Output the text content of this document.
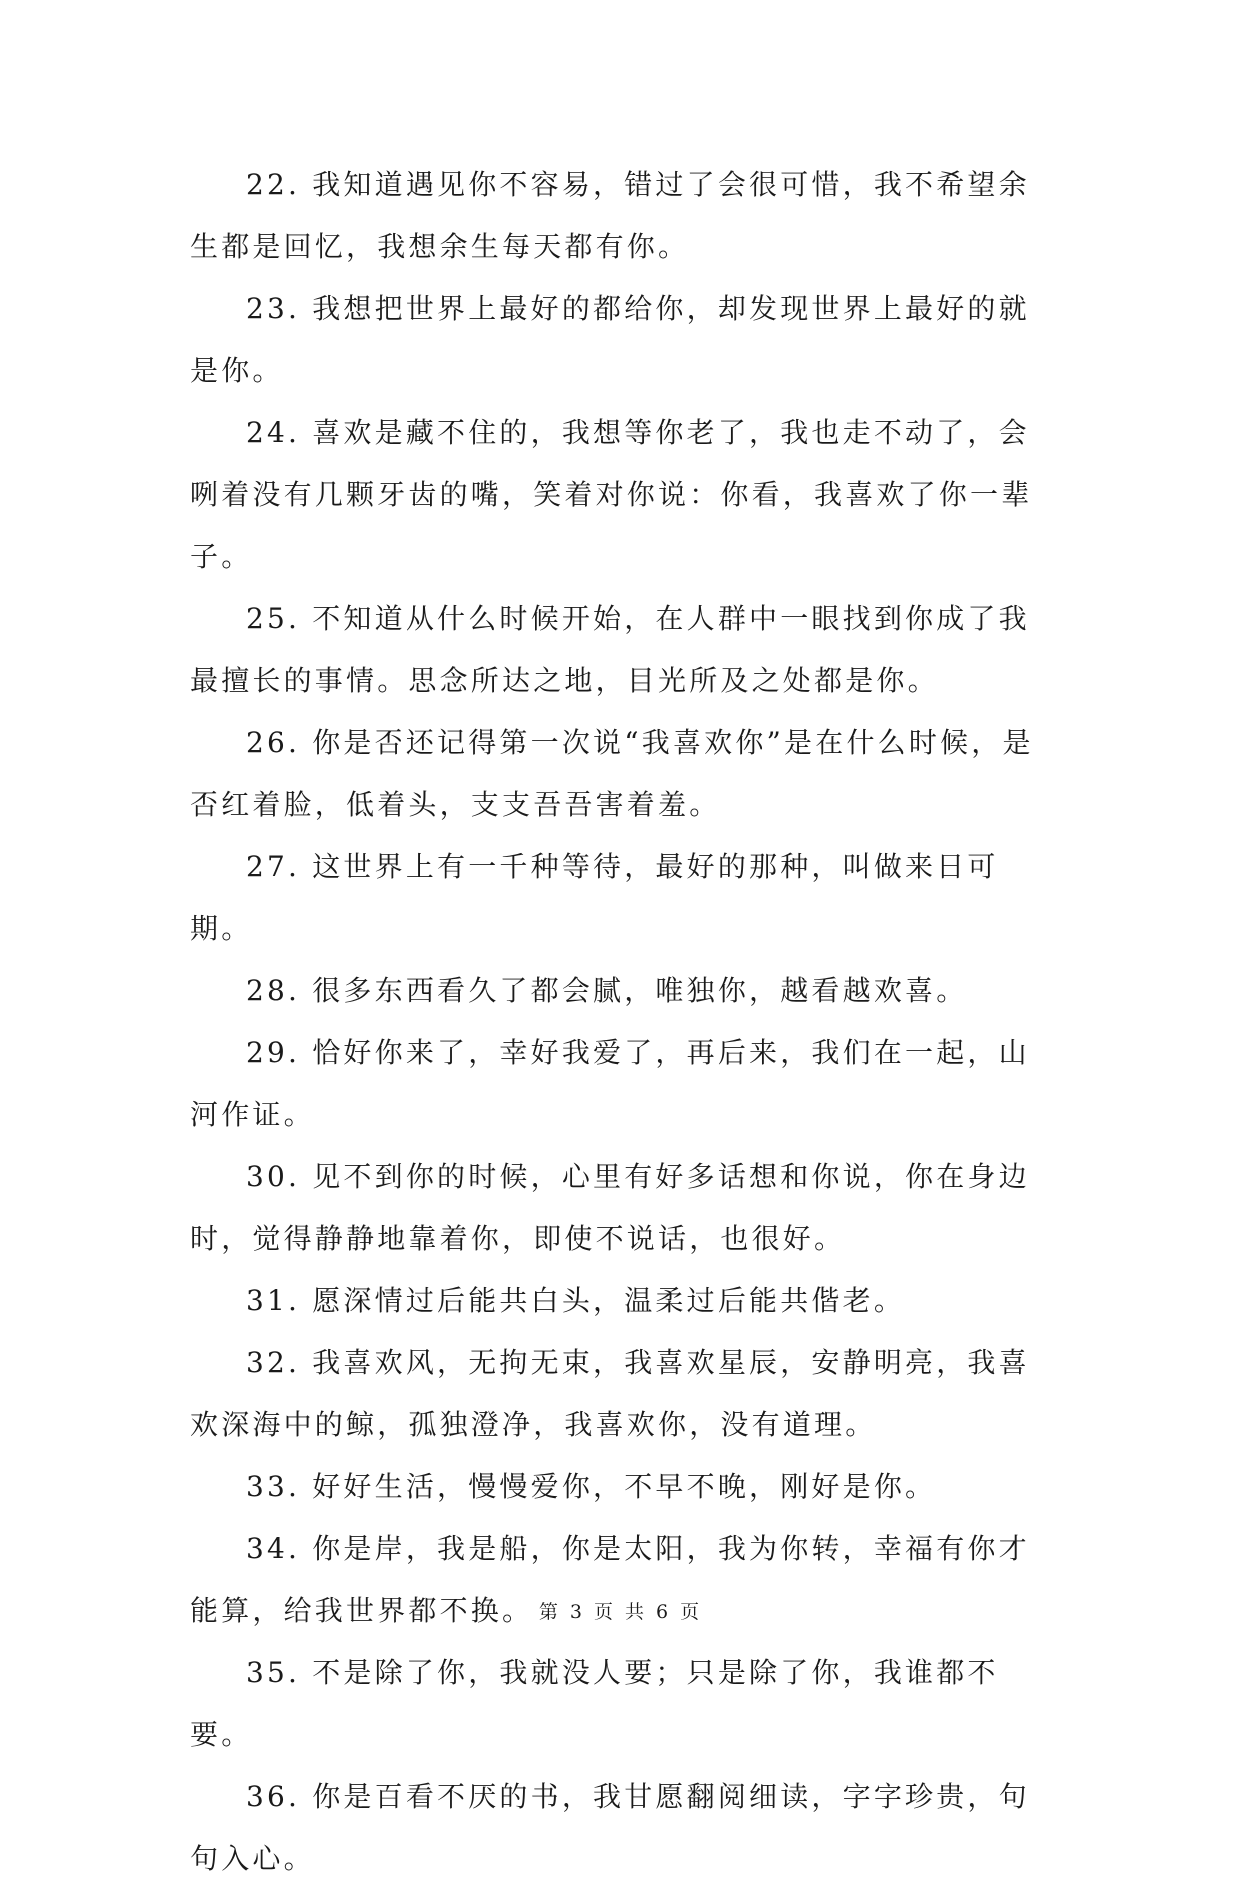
22. 我知道遇见你不容易，错过了会很可惜，我不希望余生都是回忆，我想余生每天都有你。

23. 我想把世界上最好的都给你，却发现世界上最好的就是你。

24. 喜欢是藏不住的，我想等你老了，我也走不动了，会咧着没有几颗牙齿的嘴，笑着对你说：你看，我喜欢了你一辈子。

25. 不知道从什么时候开始，在人群中一眼找到你成了我最擅长的事情。思念所达之地，目光所及之处都是你。

26. 你是否还记得第一次说“我喜欢你”是在什么时候，是否红着脸，低着头，支支吾吾害着羞。

27. 这世界上有一千种等待，最好的那种，叫做来日可期。

28. 很多东西看久了都会腻，唯独你，越看越欢喜。

29. 恰好你来了，幸好我爱了，再后来，我们在一起，山河作证。

30. 见不到你的时候，心里有好多话想和你说，你在身边时，觉得静静地靠着你，即使不说话，也很好。

31. 愿深情过后能共白头，温柔过后能共偕老。

32. 我喜欢风，无拘无束，我喜欢星辰，安静明亮，我喜欢深海中的鲸，孤独澄净，我喜欢你，没有道理。

33. 好好生活，慢慢爱你，不早不晚，刚好是你。

34. 你是岸，我是船，你是太阳，我为你转，幸福有你才能算，给我世界都不换。

35. 不是除了你，我就没人要；只是除了你，我谁都不要。

36. 你是百看不厌的书，我甘愿翻阅细读，字字珍贵，句句入心。

第 3 页 共 6 页
